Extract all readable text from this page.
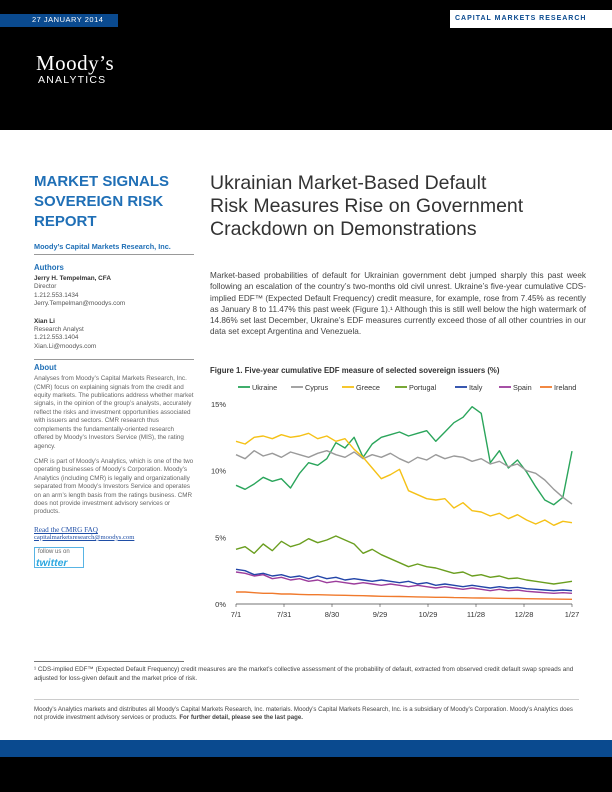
27 JANUARY 2014	CAPITAL MARKETS RESEARCH
Moody’s
ANALYTICS
MARKET SIGNALS
SOVEREIGN RISK
REPORT
Moody’s Capital Markets Research, Inc.
Authors
Jerry H. Tempelman, CFA
Director
1.212.553.1434
Jerry.Tempelman@moodys.com
Xian Li
Research Analyst
1.212.553.1404
Xian.Li@moodys.com
About
Analyses from Moody’s Capital Markets Research, Inc. (CMR) focus on explaining signals from the credit and equity markets. The publications address whether market signals, in the opinion of the group’s analysts, accurately reflect the risks and investment opportunities associated with issuers and sectors. CMR research thus complements the fundamentally-oriented research offered by Moody’s Investors Service (MIS), the rating agency.
CMR is part of Moody’s Analytics, which is one of the two operating businesses of Moody’s Corporation. Moody’s Analytics (including CMR) is legally and organizationally separated from Moody’s Investors Service and operates on an arm’s length basis from the ratings business. CMR does not provide investment advisory services or products.
Read the CMRG FAQ
capitalmarketsresearch@moodys.com
follow us on
twitter
Ukrainian Market-Based Default
Risk Measures Rise on Government
Crackdown on Demonstrations
Market-based probabilities of default for Ukrainian government debt jumped sharply this past week following an escalation of the country’s two-months old civil unrest. Ukraine’s five-year cumulative CDS-implied EDF™ (Expected Default Frequency) credit measure, for example, rose from 7.45% as recently as January 8 to 11.47% this past week (Figure 1).¹ Although this is still well below the high watermark of 14.86% set last December, Ukraine’s EDF measures currently exceed those of all other countries in our data set except Argentina and Venezuela.
Figure 1. Five-year cumulative EDF measure of selected sovereign issuers (%)
0%
5%
10%
15%
7/1	7/31	8/30	9/29	10/29	11/28	12/28	1/27
Ukraine	Cyprus	Greece	Portugal	Italy	Spain	Ireland
¹ CDS-implied EDF™ (Expected Default Frequency) credit measures are the market’s collective assessment of the probability of default, extracted from observed credit default swap spreads and adjusted for loss-given default and the market price of risk.
Moody’s Analytics markets and distributes all Moody’s Capital Markets Research, Inc. materials. Moody’s Capital Markets Research, Inc. is a subsidiary of Moody’s Corporation. Moody’s Analytics does not provide investment advisory services or products. For further detail, please see the last page.
